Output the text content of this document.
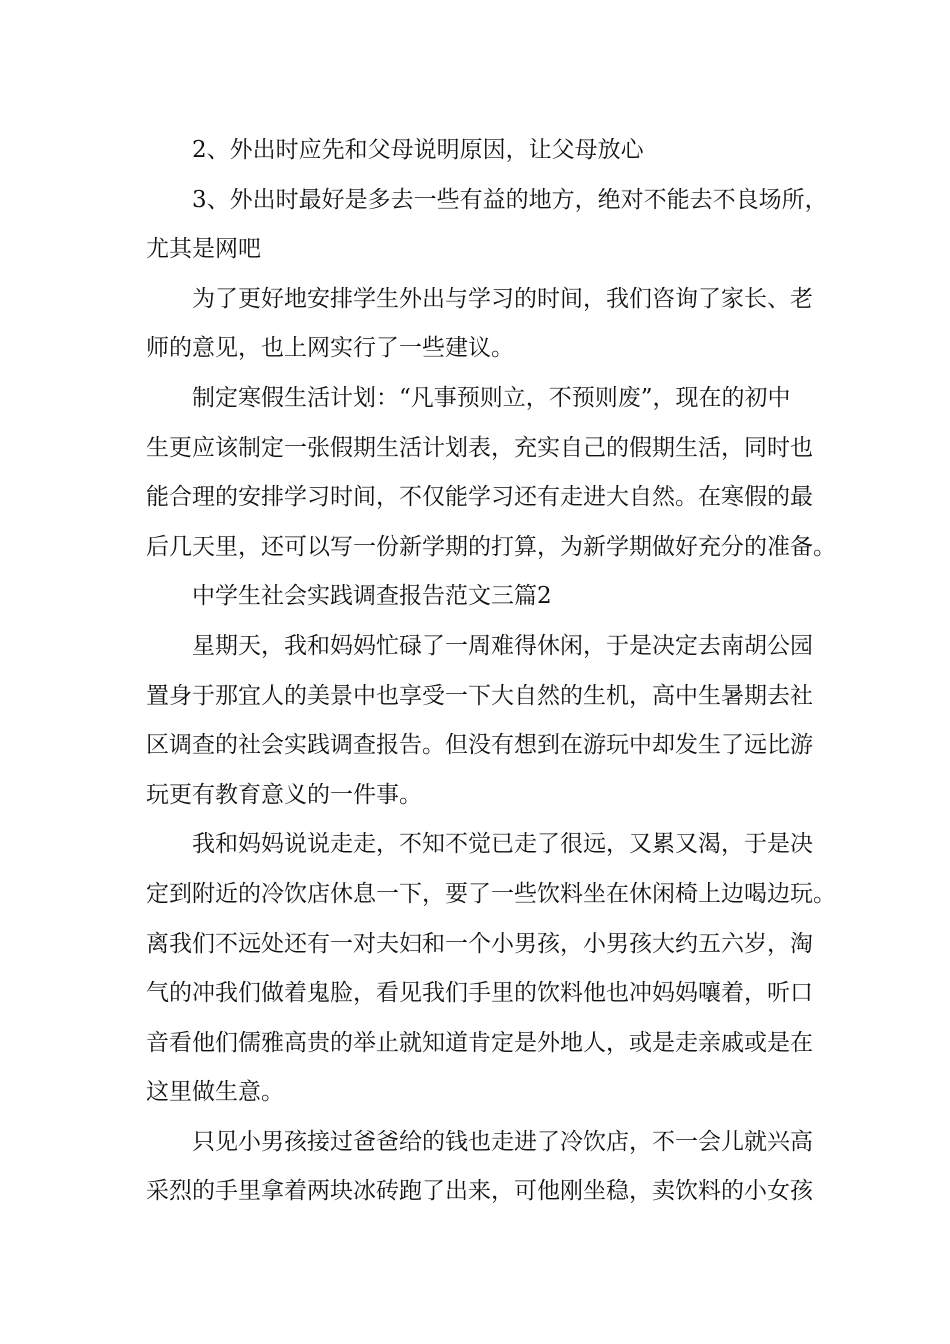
2、外出时应先和父母说明原因，让父母放心
3、外出时最好是多去一些有益的地方，绝对不能去不良场所，
尤其是网吧
为了更好地安排学生外出与学习的时间，我们咨询了家长、老
师的意见，也上网实行了一些建议。
制定寒假生活计划：“凡事预则立，不预则废”，现在的初中
生更应该制定一张假期生活计划表，充实自己的假期生活，同时也
能合理的安排学习时间，不仅能学习还有走进大自然。在寒假的最
后几天里，还可以写一份新学期的打算，为新学期做好充分的准备。
中学生社会实践调查报告范文三篇2
星期天，我和妈妈忙碌了一周难得休闲，于是决定去南胡公园
置身于那宜人的美景中也享受一下大自然的生机，高中生暑期去社
区调查的社会实践调查报告。但没有想到在游玩中却发生了远比游
玩更有教育意义的一件事。
我和妈妈说说走走，不知不觉已走了很远，又累又渴，于是决
定到附近的冷饮店休息一下，要了一些饮料坐在休闲椅上边喝边玩。
离我们不远处还有一对夫妇和一个小男孩，小男孩大约五六岁，淘
气的冲我们做着鬼脸，看见我们手里的饮料他也冲妈妈嚷着，听口
音看他们儒雅高贵的举止就知道肯定是外地人，或是走亲戚或是在
这里做生意。
只见小男孩接过爸爸给的钱也走进了冷饮店，不一会儿就兴高
采烈的手里拿着两块冰砖跑了出来，可他刚坐稳，卖饮料的小女孩
